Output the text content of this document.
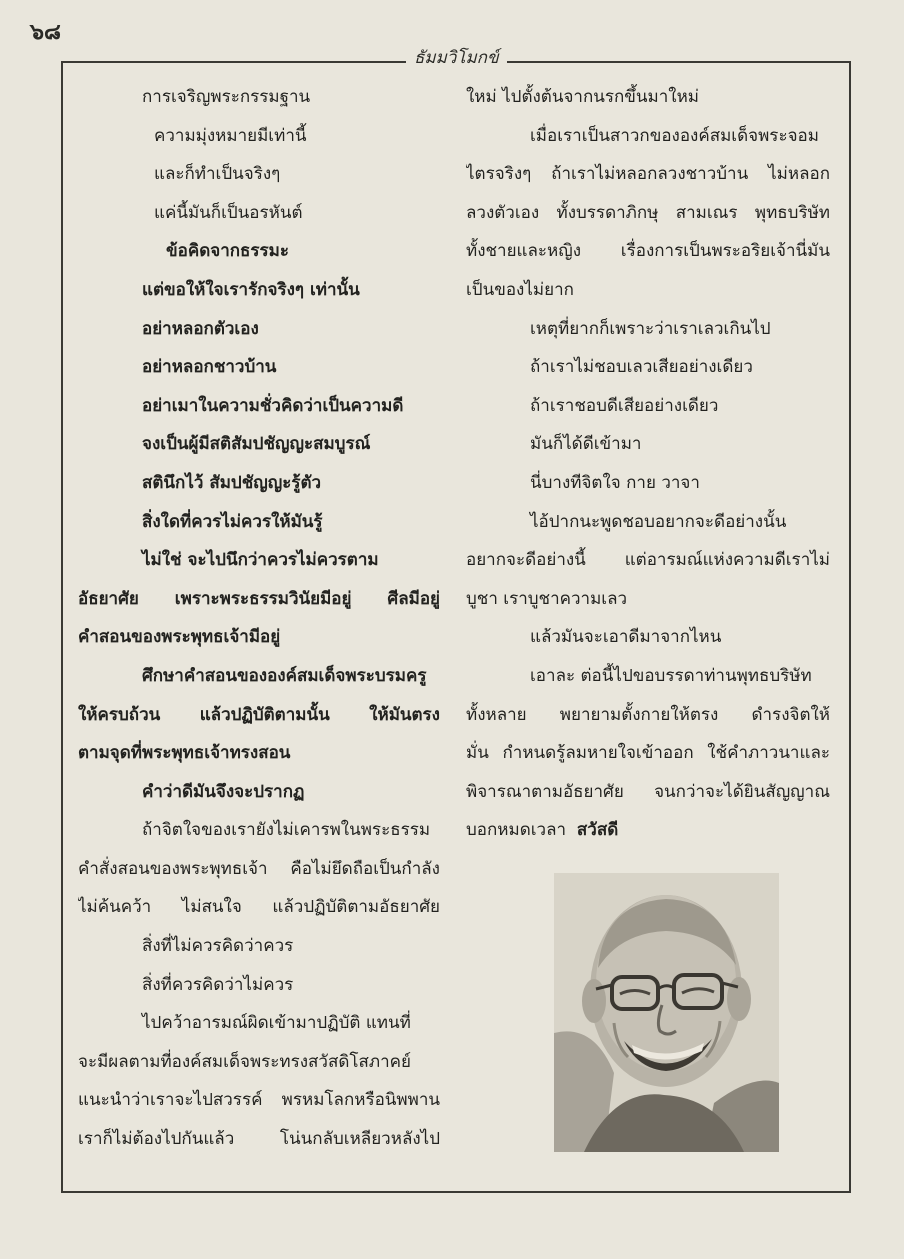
๖๘
ธัมมวิโมกข์
การเจริญพระกรรมฐาน
ความมุ่งหมายมีเท่านี้
และก็ทำเป็นจริงๆ
แค่นี้มันก็เป็นอรหันต์
ข้อคิดจากธรรมะ
แต่ขอให้ใจเรารักจริงๆ เท่านั้น
อย่าหลอกตัวเอง
อย่าหลอกชาวบ้าน
อย่าเมาในความชั่วคิดว่าเป็นความดี
จงเป็นผู้มีสติสัมปชัญญะสมบูรณ์
สตินึกไว้ สัมปชัญญะรู้ตัว
สิ่งใดที่ควรไม่ควรให้มันรู้
ไม่ใช่ จะไปนึกว่าควรไม่ควรตาม
อัธยาศัย เพราะพระธรรมวินัยมีอยู่ ศีลมีอยู่
คำสอนของพระพุทธเจ้ามีอยู่
ศึกษาคำสอนขององค์สมเด็จพระบรมครู
ให้ครบถ้วน แล้วปฏิบัติตามนั้น ให้มันตรง
ตามจุดที่พระพุทธเจ้าทรงสอน
คำว่าดีมันจึงจะปรากฏ
ถ้าจิตใจของเรายังไม่เคารพในพระธรรม
คำสั่งสอนของพระพุทธเจ้า คือไม่ยึดถือเป็นกำลัง
ไม่ค้นคว้า ไม่สนใจ แล้วปฏิบัติตามอัธยาศัย
สิ่งที่ไม่ควรคิดว่าควร
สิ่งที่ควรคิดว่าไม่ควร
ไปคว้าอารมณ์ผิดเข้ามาปฏิบัติ แทนที่
จะมีผลตามที่องค์สมเด็จพระทรงสวัสดิโสภาคย์
แนะนำว่าเราจะไปสวรรค์ พรหมโลกหรือนิพพาน
เราก็ไม่ต้องไปกันแล้ว โน่นกลับเหลียวหลังไป
ใหม่ ไปตั้งต้นจากนรกขึ้นมาใหม่
เมื่อเราเป็นสาวกขององค์สมเด็จพระจอม
ไตรจริงๆ ถ้าเราไม่หลอกลวงชาวบ้าน ไม่หลอก
ลวงตัวเอง ทั้งบรรดาภิกษุ สามเณร พุทธบริษัท
ทั้งชายและหญิง เรื่องการเป็นพระอริยเจ้านี่มัน
เป็นของไม่ยาก
เหตุที่ยากก็เพราะว่าเราเลวเกินไป
ถ้าเราไม่ชอบเลวเสียอย่างเดียว
ถ้าเราชอบดีเสียอย่างเดียว
มันก็ได้ดีเข้ามา
นี่บางทีจิตใจ กาย วาจา
ไอ้ปากนะพูดชอบอยากจะดีอย่างนั้น
อยากจะดีอย่างนี้ แต่อารมณ์แห่งความดีเราไม่
บูชา เราบูชาความเลว
แล้วมันจะเอาดีมาจากไหน
เอาละ ต่อนี้ไปขอบรรดาท่านพุทธบริษัท
ทั้งหลาย พยายามตั้งกายให้ตรง ดำรงจิตให้
มั่น กำหนดรู้ลมหายใจเข้าออก ใช้คำภาวนาและ
พิจารณาตามอัธยาศัย จนกว่าจะได้ยินสัญญาณ
บอกหมดเวลา สวัสดี
